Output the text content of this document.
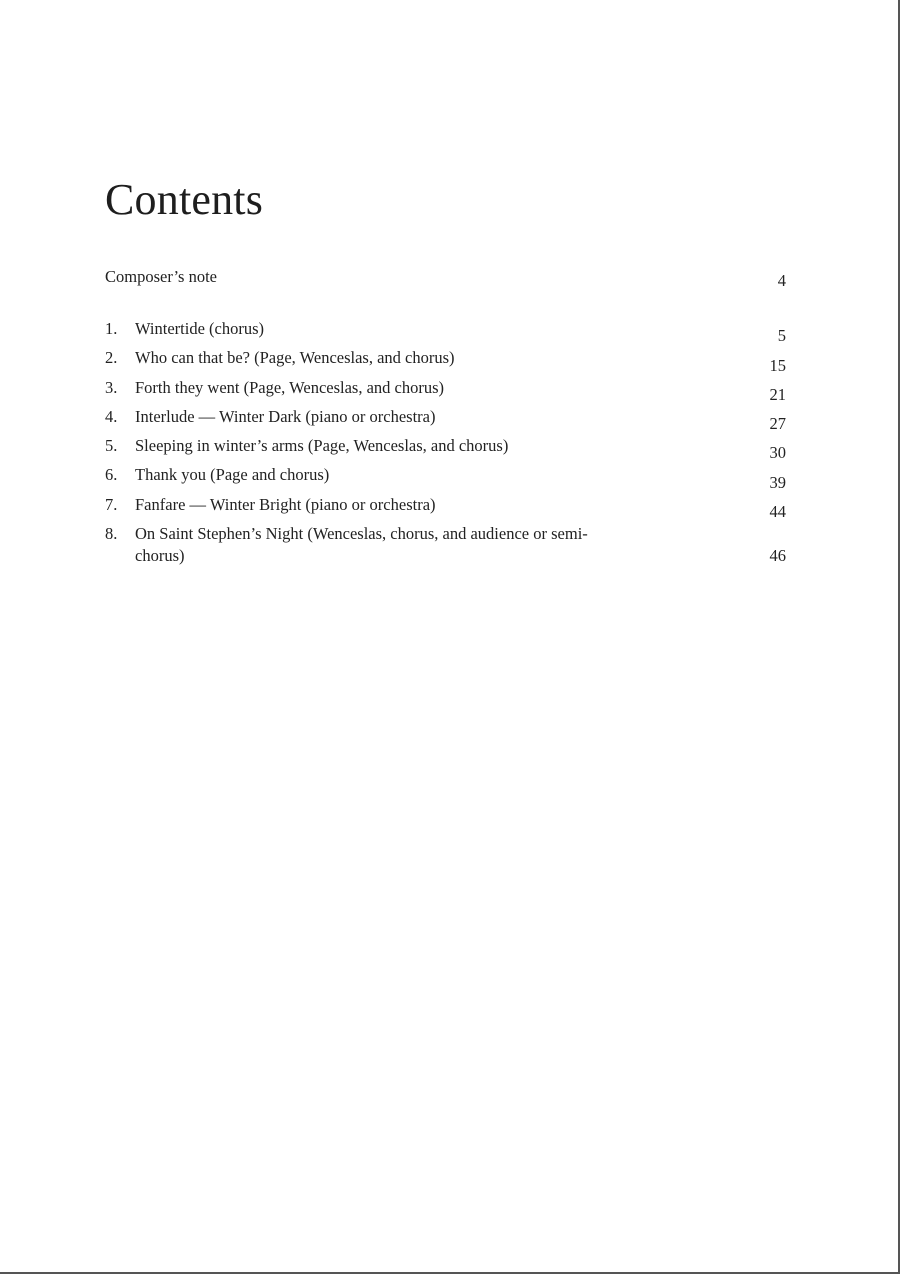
Contents
Composer’s note	4
1.	Wintertide (chorus)	5
2.	Who can that be? (Page, Wenceslas, and chorus)	15
3.	Forth they went (Page, Wenceslas, and chorus)	21
4.	Interlude — Winter Dark (piano or orchestra)	27
5.	Sleeping in winter’s arms (Page, Wenceslas, and chorus)	30
6.	Thank you (Page and chorus)	39
7.	Fanfare — Winter Bright (piano or orchestra)	44
8.	On Saint Stephen’s Night (Wenceslas, chorus, and audience or semi-chorus)	46
